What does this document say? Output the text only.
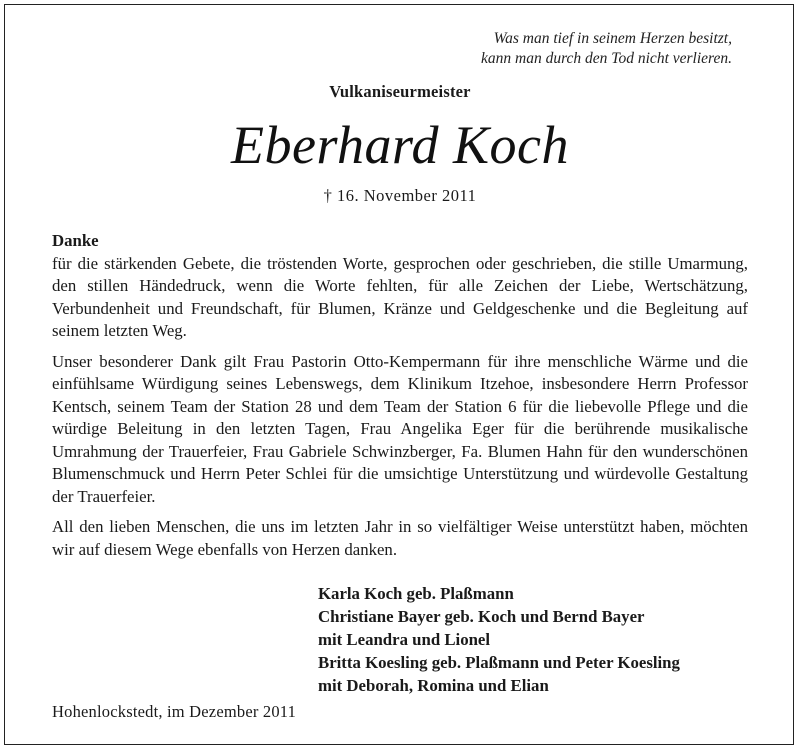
Was man tief in seinem Herzen besitzt,
kann man durch den Tod nicht verlieren.
Vulkaniseurmeister
Eberhard Koch
† 16. November 2011
Danke

für die stärkenden Gebete, die tröstenden Worte, gesprochen oder geschrieben, die stille Umarmung, den stillen Händedruck, wenn die Worte fehlten, für alle Zeichen der Liebe, Wertschätzung, Verbundenheit und Freundschaft, für Blumen, Kränze und Geldgeschenke und die Begleitung auf seinem letzten Weg.

Unser besonderer Dank gilt Frau Pastorin Otto-Kempermann für ihre menschliche Wärme und die einfühlsame Würdigung seines Lebenswegs, dem Klinikum Itzehoe, insbesondere Herrn Professor Kentsch, seinem Team der Station 28 und dem Team der Station 6 für die liebevolle Pflege und die würdige Beleitung in den letzten Tagen, Frau Angelika Eger für die berührende musikalische Umrahmung der Trauerfeier, Frau Gabriele Schwinzberger, Fa. Blumen Hahn für den wunderschönen Blumenschmuck und Herrn Peter Schlei für die umsichtige Unterstützung und würdevolle Gestaltung der Trauerfeier.

All den lieben Menschen, die uns im letzten Jahr in so vielfältiger Weise unterstützt haben, möchten wir auf diesem Wege ebenfalls von Herzen danken.

Karla Koch geb. Plaßmann
Christiane Bayer geb. Koch und Bernd Bayer
mit Leandra und Lionel
Britta Koesling geb. Plaßmann und Peter Koesling
mit Deborah, Romina und Elian
Hohenlockstedt, im Dezember 2011
